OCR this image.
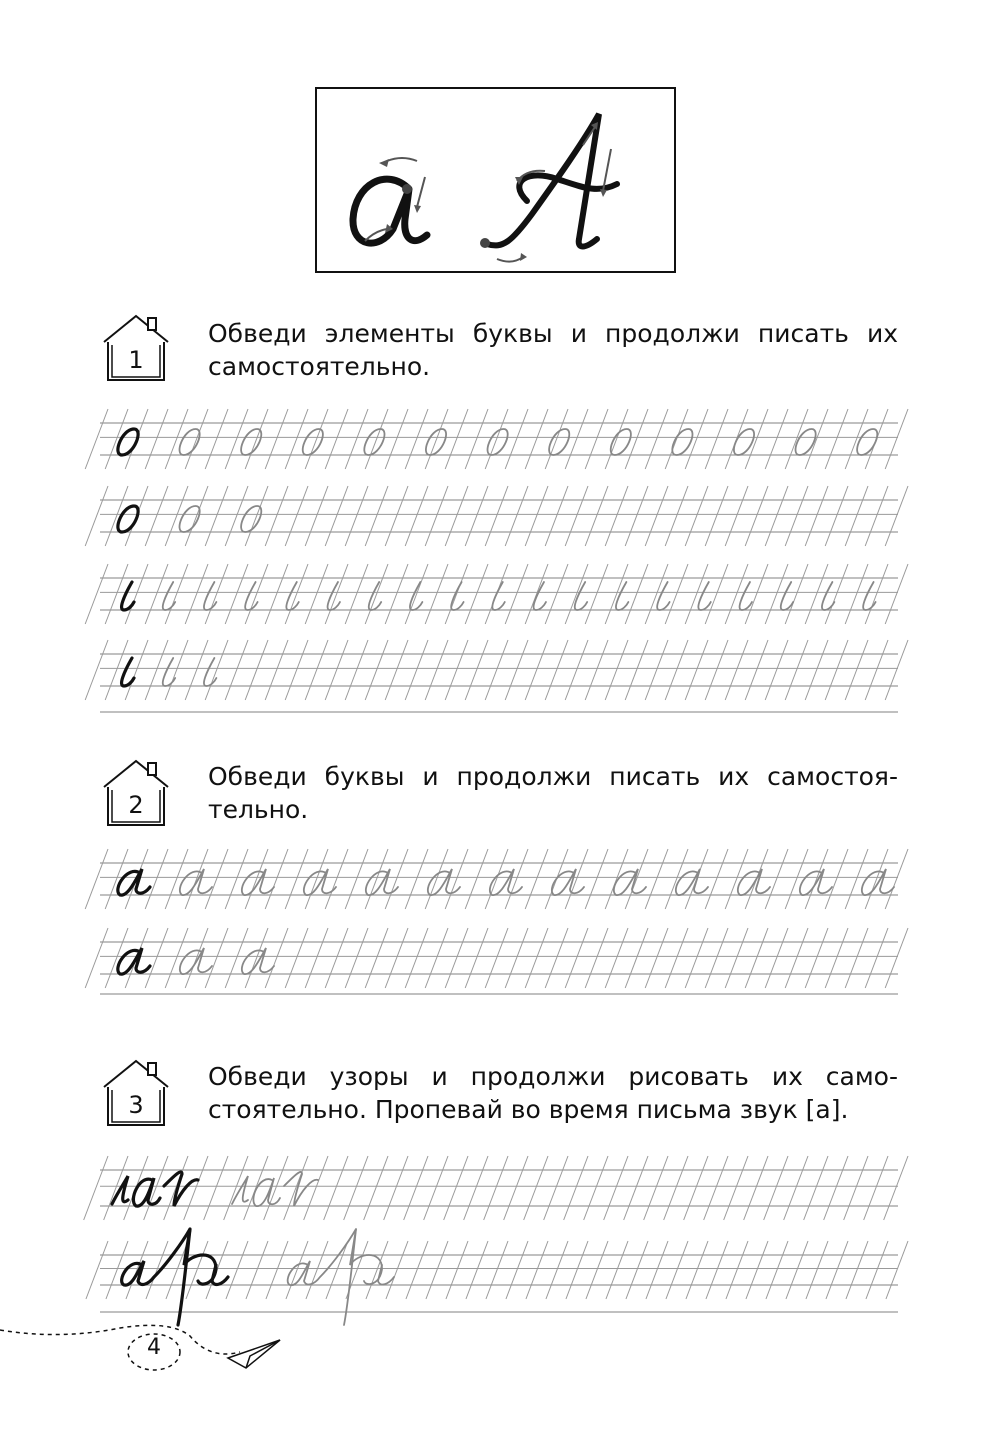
1
Обведи элементы буквы и продолжи писать их
самостоятельно.
2
Обведи буквы и продолжи писать их самостоя-
тельно.
3
Обведи узоры и продолжи рисовать их само-
стоятельно. Пропевай во время письма звук [а].
4
